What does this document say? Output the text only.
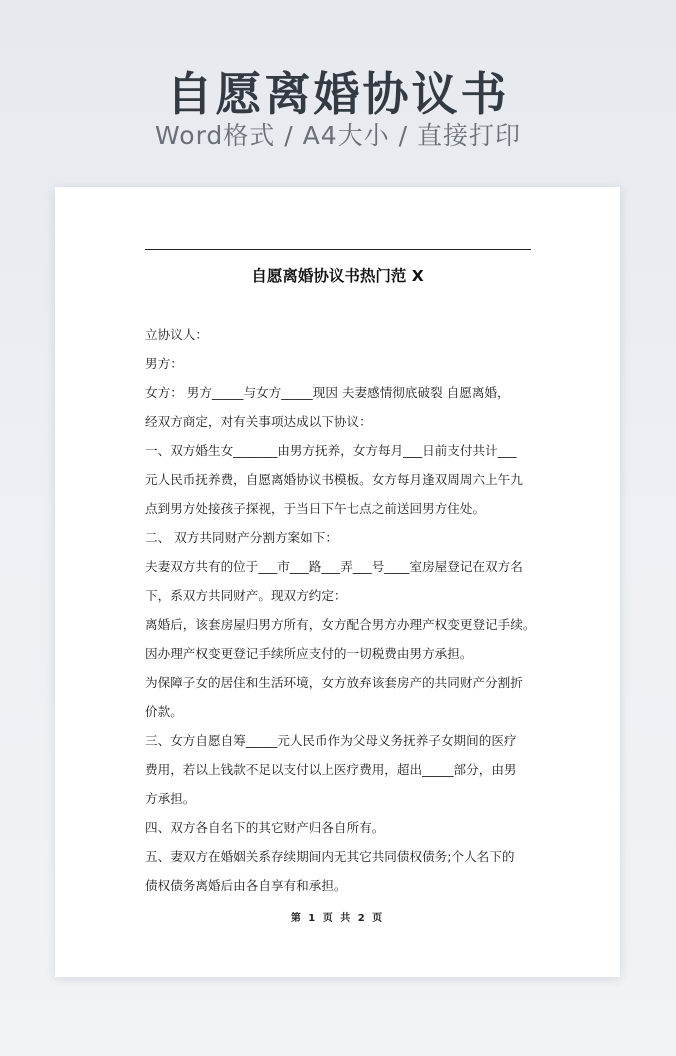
自愿离婚协议书
Word格式 / A4大小 / 直接打印
自愿离婚协议书热门范 X
立协议人：
男方：
女方： 男方_____与女方_____现因 夫妻感情彻底破裂 自愿离婚，
经双方商定，对有关事项达成以下协议：
一、双方婚生女_______由男方抚养，女方每月___日前支付共计___
元人民币抚养费，自愿离婚协议书模板。女方每月逢双周周六上午九
点到男方处接孩子探视，于当日下午七点之前送回男方住处。
二、 双方共同财产分割方案如下：
夫妻双方共有的位于___市___路___弄___号____室房屋登记在双方名
下，系双方共同财产。现双方约定：
离婚后，该套房屋归男方所有，女方配合男方办理产权变更登记手续。
因办理产权变更登记手续所应支付的一切税费由男方承担。
为保障子女的居住和生活环境，女方放弃该套房产的共同财产分割折
价款。
三、女方自愿自筹_____元人民币作为父母义务抚养子女期间的医疗
费用，若以上钱款不足以支付以上医疗费用，超出_____部分，由男
方承担。
四、双方各自名下的其它财产归各自所有。
五、妻双方在婚姻关系存续期间内无其它共同债权债务;个人名下的
债权债务离婚后由各自享有和承担。
第 1 页 共 2 页
